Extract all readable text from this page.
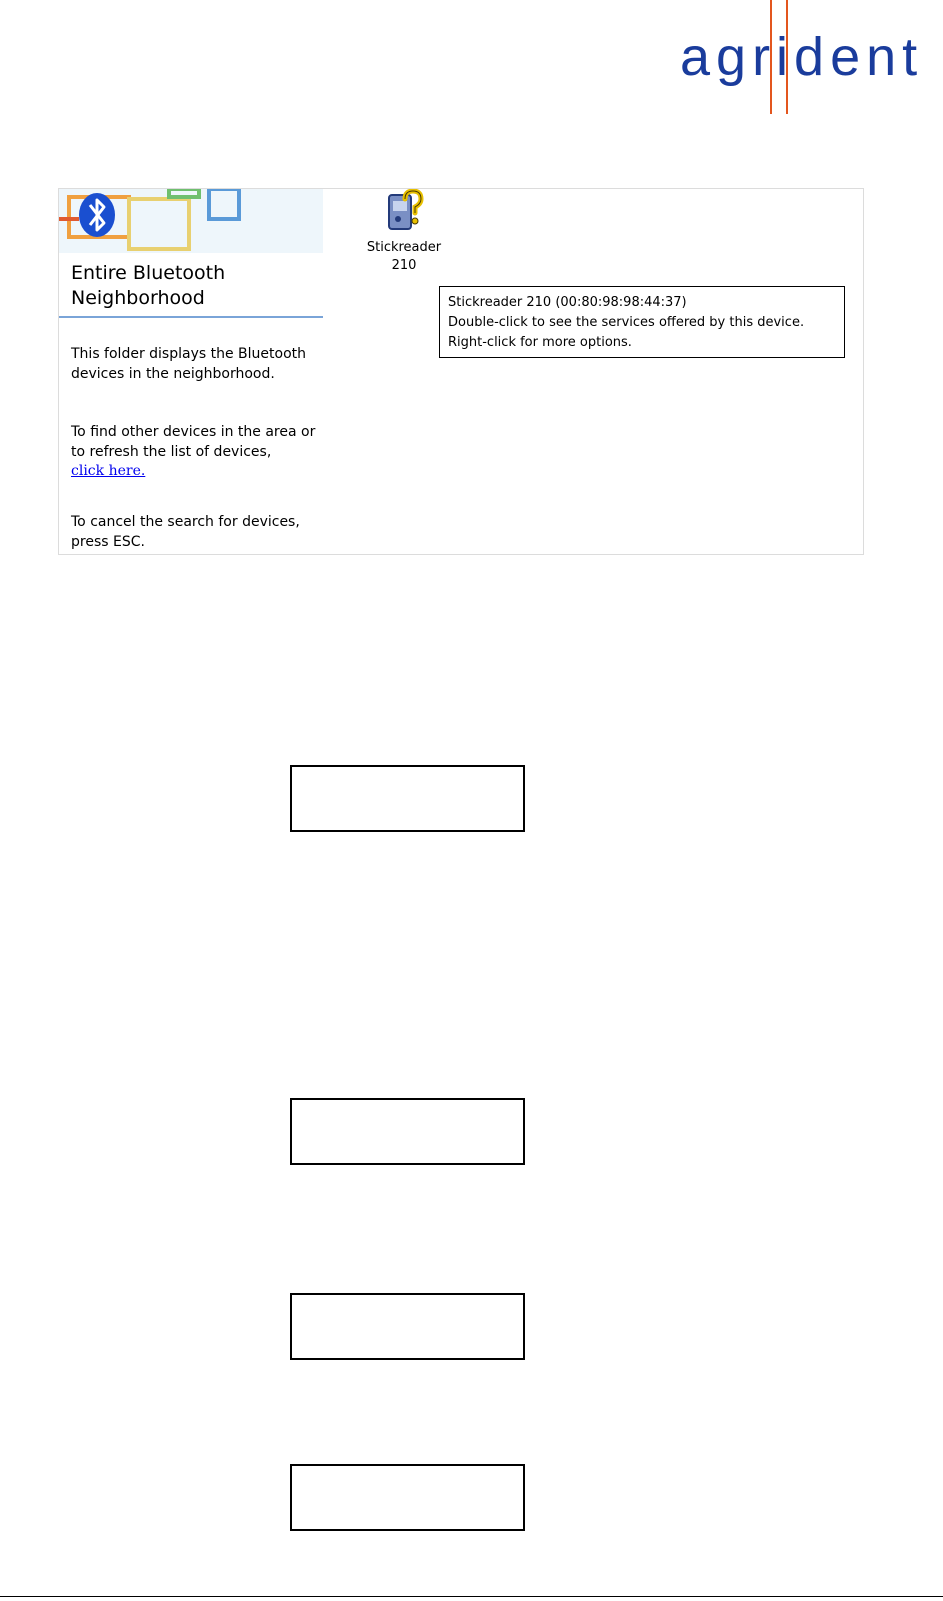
agrident
Entire Bluetooth
Neighborhood
This folder displays the Bluetooth devices in the neighborhood.
To find other devices in the area or to refresh the list of devices,
click here.
To cancel the search for devices, press ESC.
Stickreader
210
Stickreader 210 (00:80:98:98:44:37)
Double-click to see the services offered by this device.
Right-click for more options.
